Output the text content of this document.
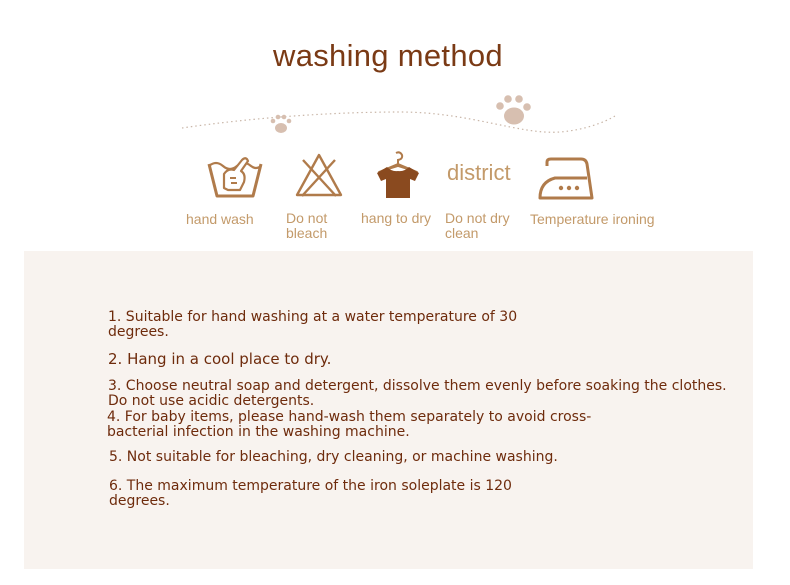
washing method
district
hand wash Do not bleach
hang to dry Do not dry clean
Temperature ironing
1. Suitable for hand washing at a water temperature of 30 degrees.
2. Hang in a cool place to dry.
3. Choose neutral soap and detergent, dissolve them evenly before soaking the clothes. Do not use acidic detergents.
4. For baby items, please hand-wash them separately to avoid cross-bacterial infection in the washing machine.
5. Not suitable for bleaching, dry cleaning, or machine washing.
6. The maximum temperature of the iron soleplate is 120 degrees.
